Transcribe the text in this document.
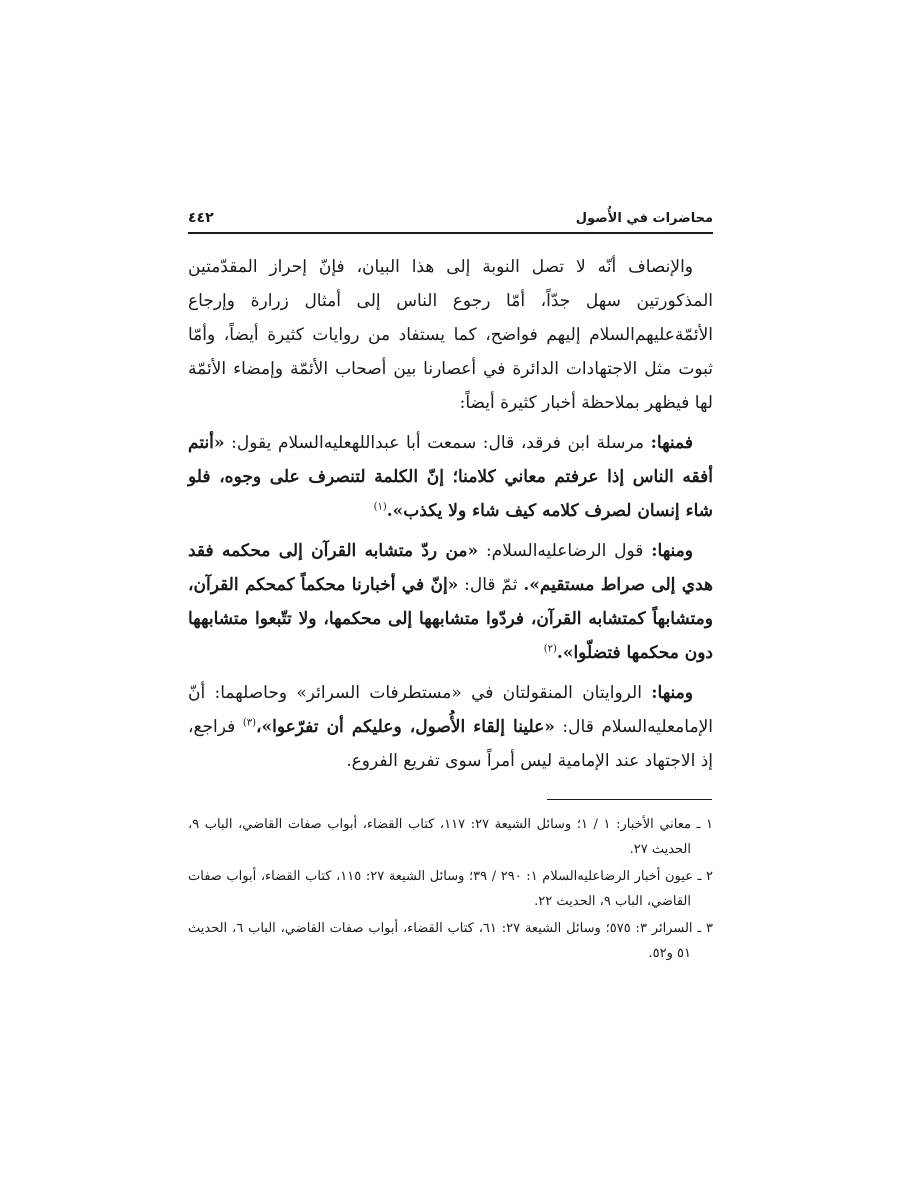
محاضرات في الأُصول
٤٤٢

والإنصاف أنّه لا تصل النوبة إلى هذا البيان، فإنّ إحراز المقدّمتين المذكورتين سهل جدّاً، أمّا رجوع الناس إلى أمثال زرارة وإرجاع الأئمّةعليهم‌السلام إليهم فواضح، كما يستفاد من روايات كثيرة أيضاً، وأمّا ثبوت مثل الاجتهادات الدائرة في أعصارنا بين أصحاب الأئمّة وإمضاء الأئمّة لها فيظهر بملاحظة أخبار كثيرة أيضاً:

فمنها: مرسلة ابن فرقد، قال: سمعت أبا عبداللهعليه‌السلام يقول: «أنتم أفقه الناس إذا عرفتم معاني كلامنا؛ إنّ الكلمة لتنصرف على وجوه، فلو شاء إنسان لصرف كلامه كيف شاء ولا يكذب».$^{(١)}$

ومنها: قول الرضاعليه‌السلام: «من ردّ متشابه القرآن إلى محكمه فقد هدي إلى صراط مستقيم». ثمّ قال: «إنّ في أخبارنا محكماً كمحكم القرآن، ومتشابهاً كمتشابه القرآن، فردّوا متشابهها إلى محكمها، ولا تتّبعوا متشابهها دون محكمها فتضلّوا».$^{(٢)}$

ومنها: الروايتان المنقولتان في «مستطرفات السرائر» وحاصلهما: أنّ الإمامعليه‌السلام قال: «علينا إلقاء الأُصول، وعليكم أن تفرّعوا»،$^{(٣)}$ فراجع، إذ الاجتهاد عند الإمامية ليس أمراً سوى تفريع الفروع.

١ ـ معاني الأخبار: ١ / ١؛ وسائل الشيعة ٢٧: ١١٧، كتاب القضاء، أبواب صفات القاضي، الباب ٩، الحديث ٢٧.

٢ ـ عيون أخبار الرضاعليه‌السلام ١: ٢٩٠ / ٣٩؛ وسائل الشيعة ٢٧: ١١٥، كتاب القضاء، أبواب صفات القاضي، الباب ٩، الحديث ٢٢.

٣ ـ السرائر ٣: ٥٧٥؛ وسائل الشيعة ٢٧: ٦١، كتاب القضاء، أبواب صفات القاضي، الباب ٦، الحديث ٥١ و٥٢.
